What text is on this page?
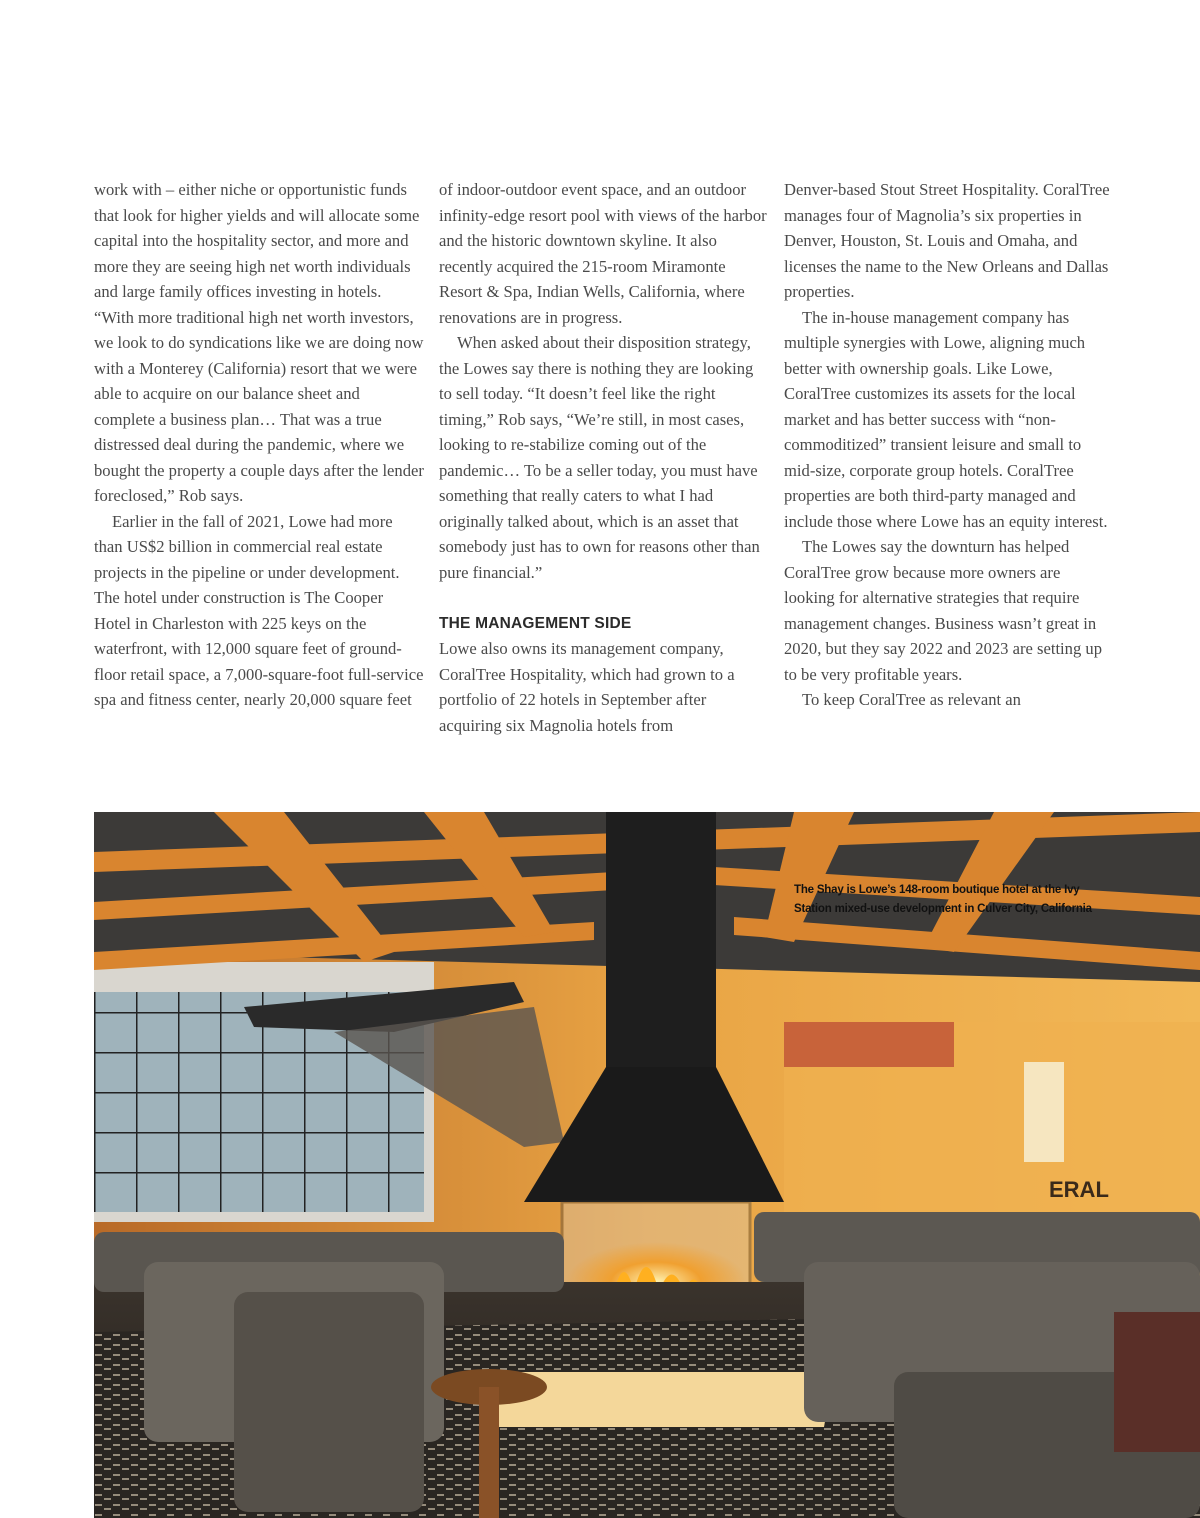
work with – either niche or opportunistic funds that look for higher yields and will allocate some capital into the hospitality sector, and more and more they are seeing high net worth individuals and large family offices investing in hotels. “With more traditional high net worth investors, we look to do syndications like we are doing now with a Monterey (California) resort that we were able to acquire on our balance sheet and complete a business plan… That was a true distressed deal during the pandemic, where we bought the property a couple days after the lender foreclosed,” Rob says.

Earlier in the fall of 2021, Lowe had more than US$2 billion in commercial real estate projects in the pipeline or under development. The hotel under construction is The Cooper Hotel in Charleston with 225 keys on the waterfront, with 12,000 square feet of ground-floor retail space, a 7,000-square-foot full-service spa and fitness center, nearly 20,000 square feet

of indoor-outdoor event space, and an outdoor infinity-edge resort pool with views of the harbor and the historic downtown skyline. It also recently acquired the 215-room Miramonte Resort & Spa, Indian Wells, California, where renovations are in progress.

When asked about their disposition strategy, the Lowes say there is nothing they are looking to sell today. “It doesn’t feel like the right timing,” Rob says, “We’re still, in most cases, looking to re-stabilize coming out of the pandemic… To be a seller today, you must have something that really caters to what I had originally talked about, which is an asset that somebody just has to own for reasons other than pure financial.”

THE MANAGEMENT SIDE

Lowe also owns its management company, CoralTree Hospitality, which had grown to a portfolio of 22 hotels in September after acquiring six Magnolia hotels from

Denver-based Stout Street Hospitality. CoralTree manages four of Magnolia’s six properties in Denver, Houston, St. Louis and Omaha, and licenses the name to the New Orleans and Dallas properties.

The in-house management company has multiple synergies with Lowe, aligning much better with ownership goals. Like Lowe, CoralTree customizes its assets for the local market and has better success with “non-commoditized” transient leisure and small to mid-size, corporate group hotels. CoralTree properties are both third-party managed and include those where Lowe has an equity interest.

The Lowes say the downturn has helped CoralTree grow because more owners are looking for alternative strategies that require management changes. Business wasn’t great in 2020, but they say 2022 and 2023 are setting up to be very profitable years.

To keep CoralTree as relevant an

ERAL
The Shay is Lowe’s 148-room boutique hotel at the Ivy Station mixed-use development in Culver City, California
